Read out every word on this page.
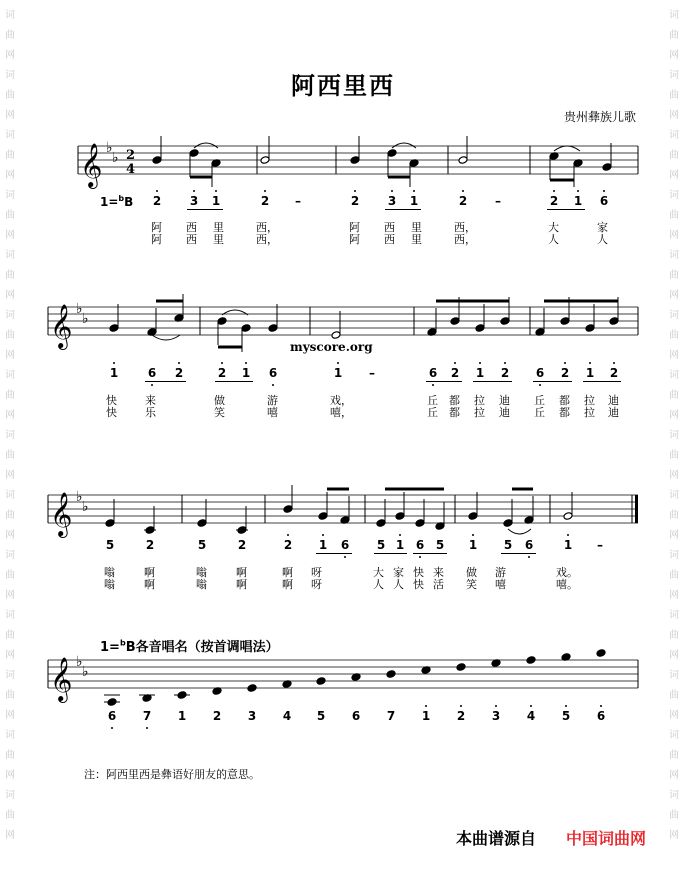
词
曲
网
词
曲
网
词
曲
网
词
曲
网
词
曲
网
词
曲
网
词
曲
网
词
曲
网
词
曲
网
词
曲
网
词
曲
网
词
曲
网
词
曲
网
词
曲
网
词
曲
网
词
曲
网
词
曲
网
词
曲
网
词
曲
网
词
曲
网
词
曲
网
词
曲
网
词
曲
网
词
曲
网
词
曲
网
词
曲
网
词
曲
网
词
曲
网
阿西里西
贵州彝族儿歌
1=$^b$B
myscore.org
𝄞 ♭
♭ 2
4
𝄞 ♭
♭
𝄞 ♭
♭
𝄞 ♭
♭
2	3	1	2	–	2	3	1	2	–	2	1	6
1	6	2	2	1	6	1	–	6	2	1	2	6	2	1	2
5	2	5	2	2	1	6	5 1 6 5	1	5	6	1	–
阿 西 里	西，	阿 西 里	西，	大	家
阿 西 里	西，	阿 西 里	西，	人	人
快	来	做	游	戏，	丘 都 拉 迪 丘 都 拉 迪
快	乐	笑	嘻	嘻，	丘 都 拉 迪 丘 都 拉 迪
嗡	啊	嗡	啊	啊 呀	大 家 快 来 做 游	戏。
嗡	啊	嗡	啊	啊 呀	人 人 快 活 笑 嘻	嘻。
1=$^b$B各音唱名（按首调唱法）
6	7	1	2	3	4	5	6	7	1	2	3	4	5	6
注：阿西里西是彝语好朋友的意思。
本曲谱源自 中国词曲网
